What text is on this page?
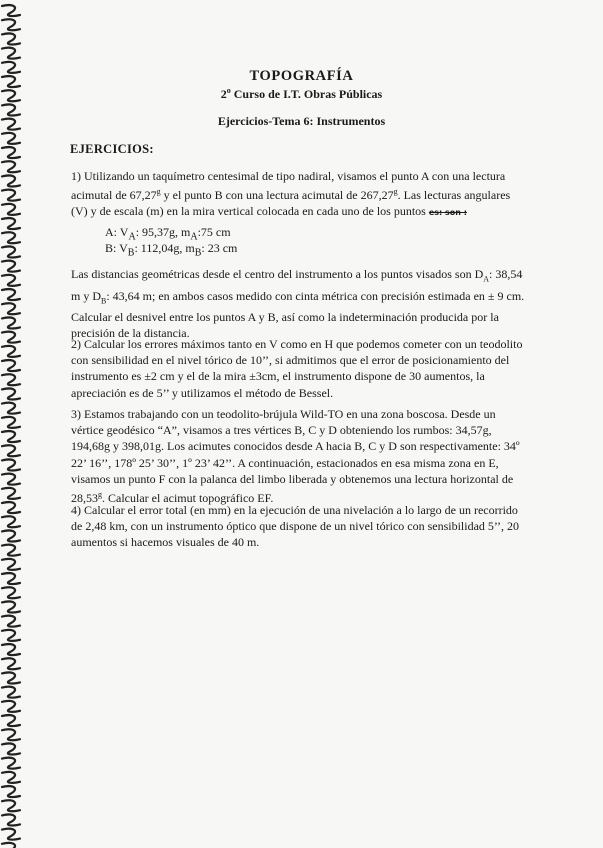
TOPOGRAFÍA
2$^o$ Curso de I.T. Obras Públicas
Ejercicios-Tema 6: Instrumentos
EJERCICIOS:
1) Utilizando un taquímetro centesimal de tipo nadiral, visamos el punto A con una lectura
acimutal de 67,27$^g$ y el punto B con una lectura acimutal de 267,27$^g$. Las lecturas angulares
(V) y de escala (m) en la mira vertical colocada en cada uno de los puntos es: son :
A: $V_A$: 95,37g, $m_A:75$ cm
B: $V_B$: 112,04g, $m_B$: 23 cm
Las distancias geométricas desde el centro del instrumento a los puntos visados son $D_A$: 38,54
m y $D_B$: 43,64 m; en ambos casos medido con cinta métrica con precisión estimada en ± 9 cm.
Calcular el desnivel entre los puntos A y B, así como la indeterminación producida por la
precisión de la distancia.
2) Calcular los errores máximos tanto en V como en H que podemos cometer con un teodolito
con sensibilidad en el nivel tórico de 10’’, si admitimos que el error de posicionamiento del
instrumento es ±2 cm y el de la mira ±3cm, el instrumento dispone de 30 aumentos, la
apreciación es de 5’’ y utilizamos el método de Bessel.
3) Estamos trabajando con un teodolito-brújula Wild-TO en una zona boscosa. Desde un
vértice geodésico “A”, visamos a tres vértices B, C y D obteniendo los rumbos: 34,57g,
194,68g y 398,01g. Los acimutes conocidos desde A hacia B, C y D son respectivamente: 34º
22’ 16’’, 178º 25’ 30’’, 1º 23’ 42’’. A continuación, estacionados en esa misma zona en E,
visamos un punto F con la palanca del limbo liberada y obtenemos una lectura horizontal de
28,53$^g$. Calcular el acimut topográfico EF.
4) Calcular el error total (en mm) en la ejecución de una nivelación a lo largo de un recorrido
de 2,48 km, con un instrumento óptico que dispone de un nivel tórico con sensibilidad 5’’, 20
aumentos si hacemos visuales de 40 m.
